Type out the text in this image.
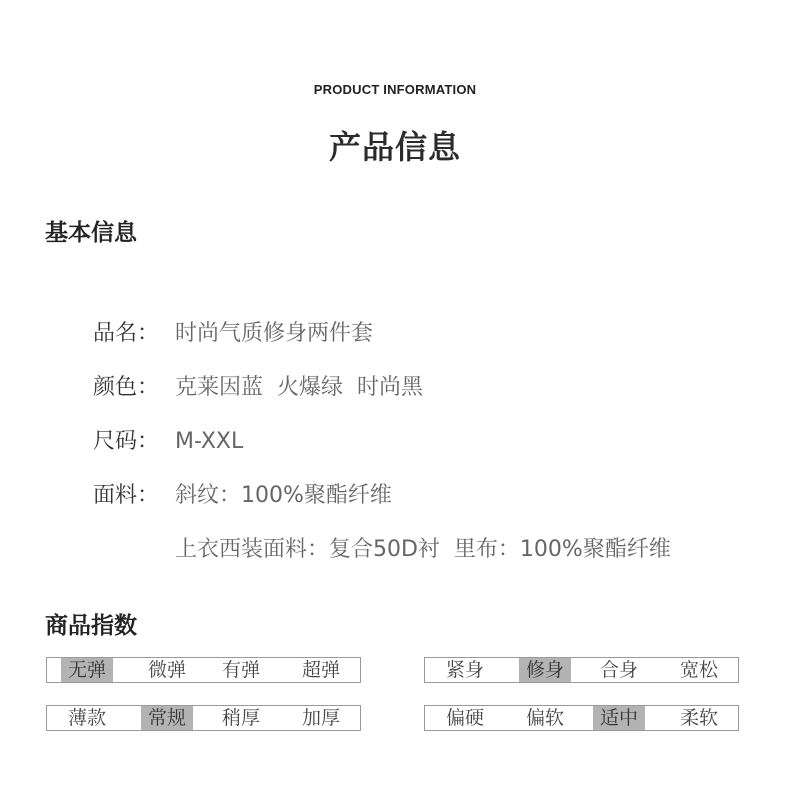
PRODUCT INFORMATION
产品信息
基本信息
品名： 时尚气质修身两件套
颜色： 克莱因蓝  火爆绿  时尚黑
尺码： M-XXL
面料： 斜纹：100%聚酯纤维
上衣西装面料：复合50D衬  里布：100%聚酯纤维
商品指数
无弹	微弹	有弹	超弹	紧身	修身	合身	宽松
薄款	常规	稍厚	加厚	偏硬	偏软	适中	柔软
